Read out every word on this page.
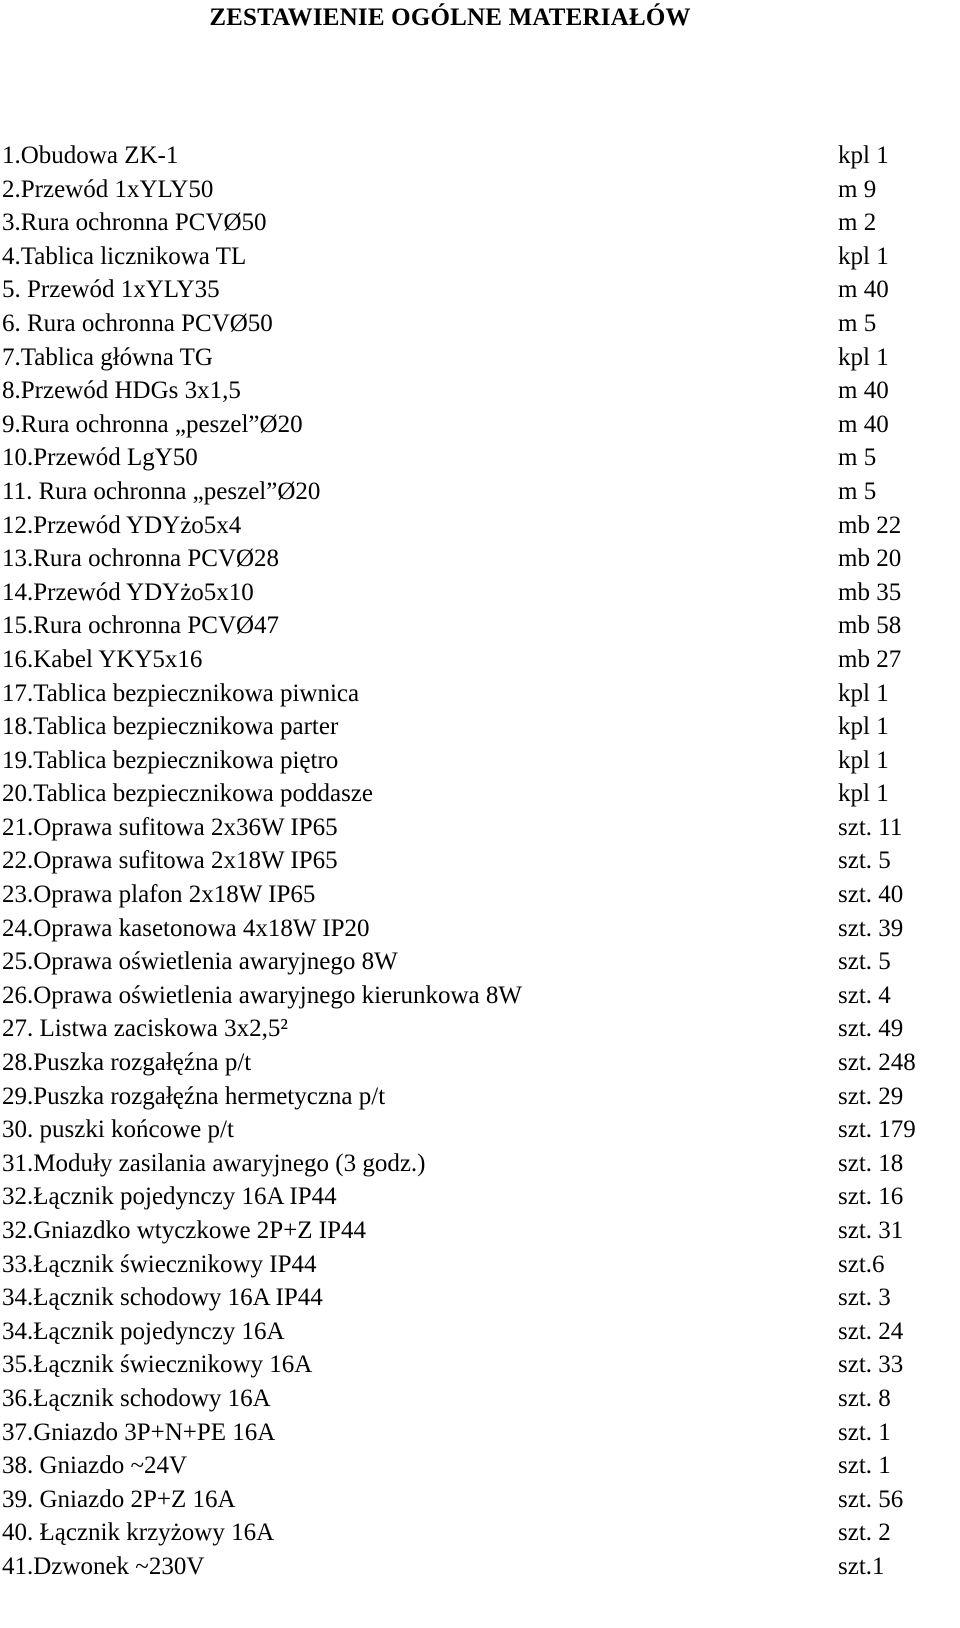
ZESTAWIENIE OGÓLNE MATERIAŁÓW
1.Obudowa ZK-1	kpl 1
2.Przewód 1xYLY50	m 9
3.Rura ochronna PCVØ50	m 2
4.Tablica licznikowa TL	kpl 1
5. Przewód 1xYLY35	m 40
6. Rura ochronna PCVØ50	m 5
7.Tablica główna TG	kpl 1
8.Przewód HDGs 3x1,5	m 40
9.Rura ochronna „peszel”Ø20	m 40
10.Przewód LgY50	m 5
11. Rura ochronna „peszel”Ø20	m 5
12.Przewód YDYżo5x4	mb 22
13.Rura ochronna PCVØ28	mb 20
14.Przewód YDYżo5x10	mb 35
15.Rura ochronna PCVØ47	mb 58
16.Kabel YKY5x16	mb 27
17.Tablica bezpiecznikowa piwnica	kpl 1
18.Tablica bezpiecznikowa parter	kpl 1
19.Tablica bezpiecznikowa piętro	kpl 1
20.Tablica bezpiecznikowa poddasze	kpl 1
21.Oprawa sufitowa 2x36W IP65	szt. 11
22.Oprawa sufitowa 2x18W IP65	szt. 5
23.Oprawa plafon 2x18W IP65	szt. 40
24.Oprawa kasetonowa 4x18W IP20	szt. 39
25.Oprawa oświetlenia awaryjnego 8W	szt. 5
26.Oprawa oświetlenia awaryjnego kierunkowa 8W	szt. 4
27. Listwa zaciskowa 3x2,5²	szt. 49
28.Puszka rozgałęźna p/t	szt. 248
29.Puszka rozgałęźna hermetyczna p/t	szt. 29
30. puszki końcowe p/t	szt. 179
31.Moduły zasilania awaryjnego (3 godz.)	szt. 18
32.Łącznik pojedynczy 16A IP44	szt. 16
32.Gniazdko wtyczkowe 2P+Z IP44	szt. 31
33.Łącznik świecznikowy IP44	szt.6
34.Łącznik schodowy 16A IP44	szt. 3
34.Łącznik pojedynczy 16A	szt. 24
35.Łącznik świecznikowy 16A	szt. 33
36.Łącznik schodowy 16A	szt. 8
37.Gniazdo 3P+N+PE 16A	szt. 1
38. Gniazdo ~24V	szt. 1
39. Gniazdo 2P+Z 16A	szt. 56
40. Łącznik krzyżowy 16A	szt. 2
41.Dzwonek ~230V	szt.1
